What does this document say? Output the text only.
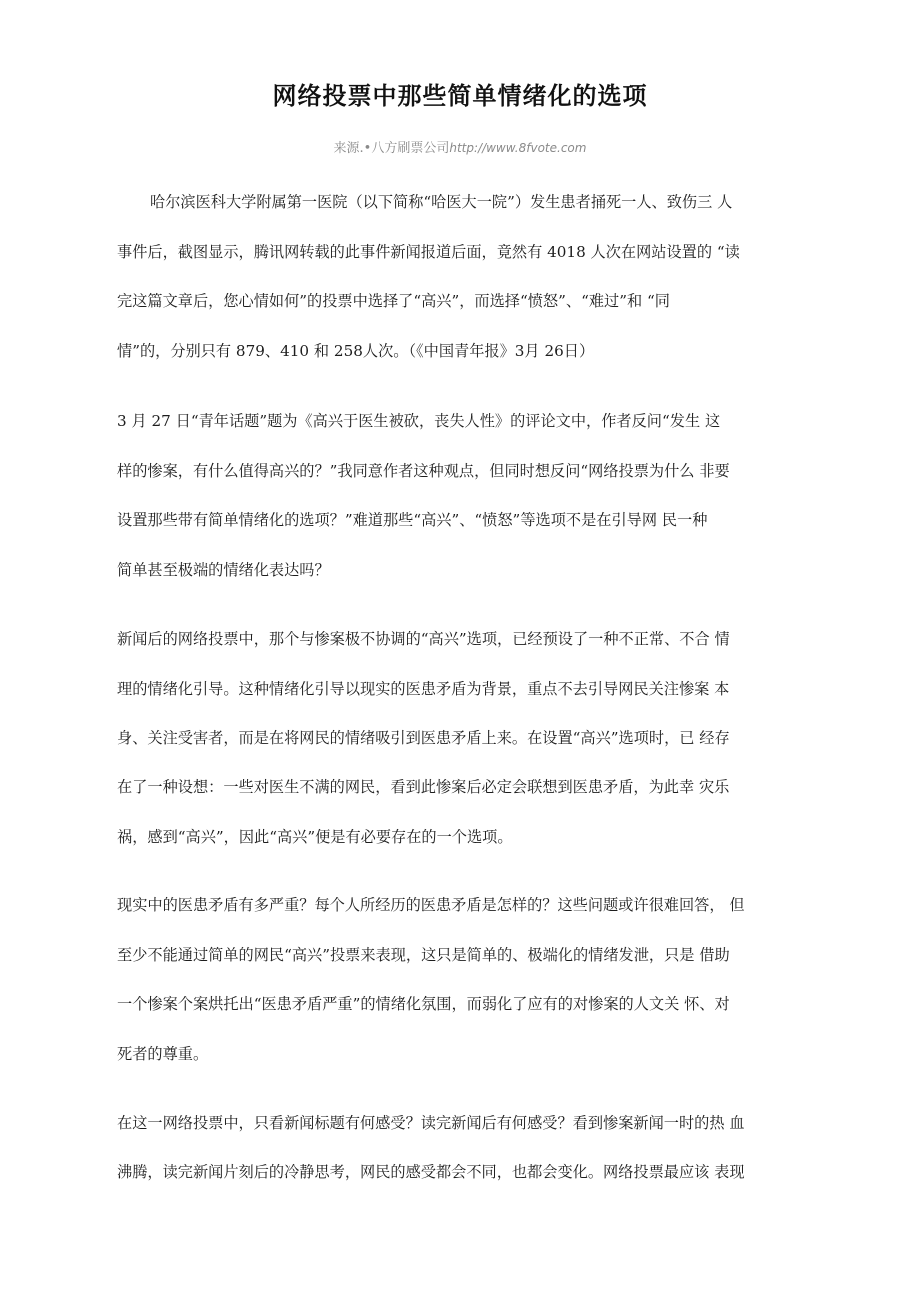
网络投票中那些简单情绪化的选项
来源.•八方刷票公司http://www.8fvote.com
哈尔滨医科大学附属第一医院（以下简称“哈医大一院”）发生患者捅死一人、致伤三 人
事件后，截图显示，腾讯网转载的此事件新闻报道后面，竟然有 4018 人次在网站设置的 “读
完这篇文章后，您心情如何”的投票中选择了“高兴”，而选择“愤怒”、“难过”和 “同
情”的，分别只有 879、410 和 258人次。（《中国青年报》3月 26日）
3 月 27 日“青年话题”题为《高兴于医生被砍，丧失人性》的评论文中，作者反问“发生 这
样的惨案，有什么值得高兴的？”我同意作者这种观点，但同时想反问“网络投票为什么 非要
设置那些带有简单情绪化的选项？”难道那些“高兴”、“愤怒”等选项不是在引导网 民一种
简单甚至极端的情绪化表达吗？
新闻后的网络投票中，那个与惨案极不协调的“高兴”选项，已经预设了一种不正常、不合 情
理的情绪化引导。这种情绪化引导以现实的医患矛盾为背景，重点不去引导网民关注惨案 本
身、关注受害者，而是在将网民的情绪吸引到医患矛盾上来。在设置“高兴”选项时，已 经存
在了一种设想：一些对医生不满的网民，看到此惨案后必定会联想到医患矛盾，为此幸 灾乐
祸，感到“高兴”，因此“高兴”便是有必要存在的一个选项。
现实中的医患矛盾有多严重？每个人所经历的医患矛盾是怎样的？这些问题或许很难回答， 但
至少不能通过简单的网民“高兴”投票来表现，这只是简单的、极端化的情绪发泄，只是 借助
一个惨案个案烘托出“医患矛盾严重”的情绪化氛围，而弱化了应有的对惨案的人文关 怀、对
死者的尊重。
在这一网络投票中，只看新闻标题有何感受？读完新闻后有何感受？看到惨案新闻一时的热 血
沸腾，读完新闻片刻后的冷静思考，网民的感受都会不同，也都会变化。网络投票最应该 表现
